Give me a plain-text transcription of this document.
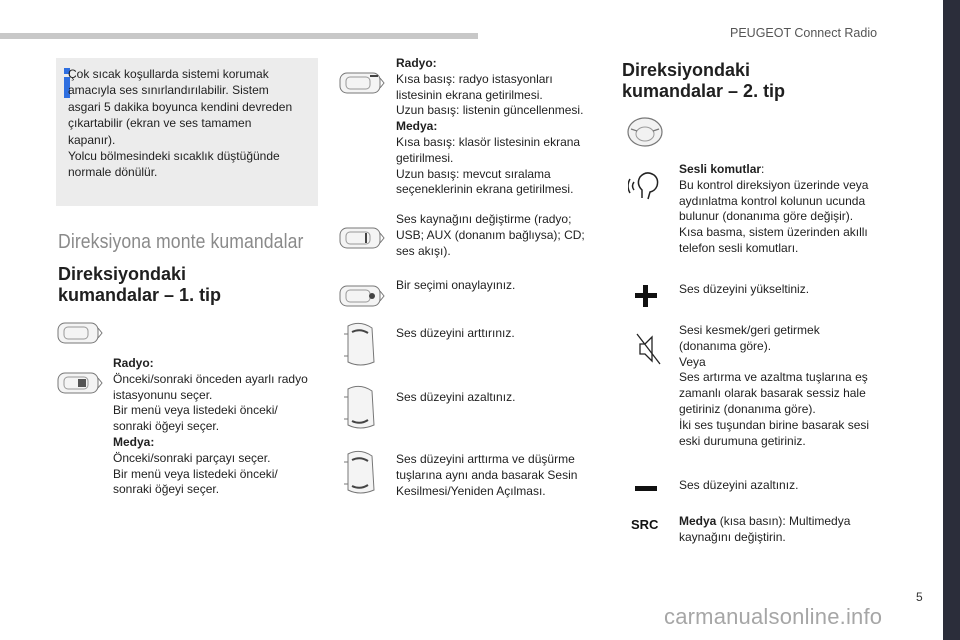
PEUGEOT Connect Radio
Çok sıcak koşullarda sistemi korumak
amacıyla ses sınırlandırılabilir. Sistem
asgari 5 dakika boyunca kendini devreden
çıkartabilir (ekran ve ses tamamen
kapanır).
Yolcu bölmesindeki sıcaklık düştüğünde
normale dönülür.
Direksiyona monte kumandalar
Direksiyondaki
kumandalar – 1. tip
Radyo:
Önceki/sonraki önceden ayarlı radyo
istasyonunu seçer.
Bir menü veya listedeki önceki/
sonraki öğeyi seçer.
Medya:
Önceki/sonraki parçayı seçer.
Bir menü veya listedeki önceki/
sonraki öğeyi seçer.
Radyo:
Kısa basış: radyo istasyonları
listesinin ekrana getirilmesi.
Uzun basış: listenin güncellenmesi.
Medya:
Kısa basış: klasör listesinin ekrana
getirilmesi.
Uzun basış: mevcut sıralama
seçeneklerinin ekrana getirilmesi.
Ses kaynağını değiştirme (radyo;
USB; AUX (donanım bağlıysa); CD;
ses akışı).
Bir seçimi onaylayınız.
Ses düzeyini arttırınız.
Ses düzeyini azaltınız.
Ses düzeyini arttırma ve düşürme
tuşlarına aynı anda basarak Sesin
Kesilmesi/Yeniden Açılması.
Direksiyondaki
kumandalar – 2. tip
SRC
Sesli komutlar:
Bu kontrol direksiyon üzerinde veya
aydınlatma kontrol kolunun ucunda
bulunur (donanıma göre değişir).
Kısa basma, sistem üzerinden akıllı
telefon sesli komutları.
Ses düzeyini yükseltiniz.
Sesi kesmek/geri getirmek
(donanıma göre).
Veya
Ses artırma ve azaltma tuşlarına eş
zamanlı olarak basarak sessiz hale
getiriniz (donanıma göre).
İki ses tuşundan birine basarak sesi
eski durumuna getiriniz.
Ses düzeyini azaltınız.
Medya (kısa basın): Multimedya
kaynağını değiştirin.
5
carmanualsonline.info
